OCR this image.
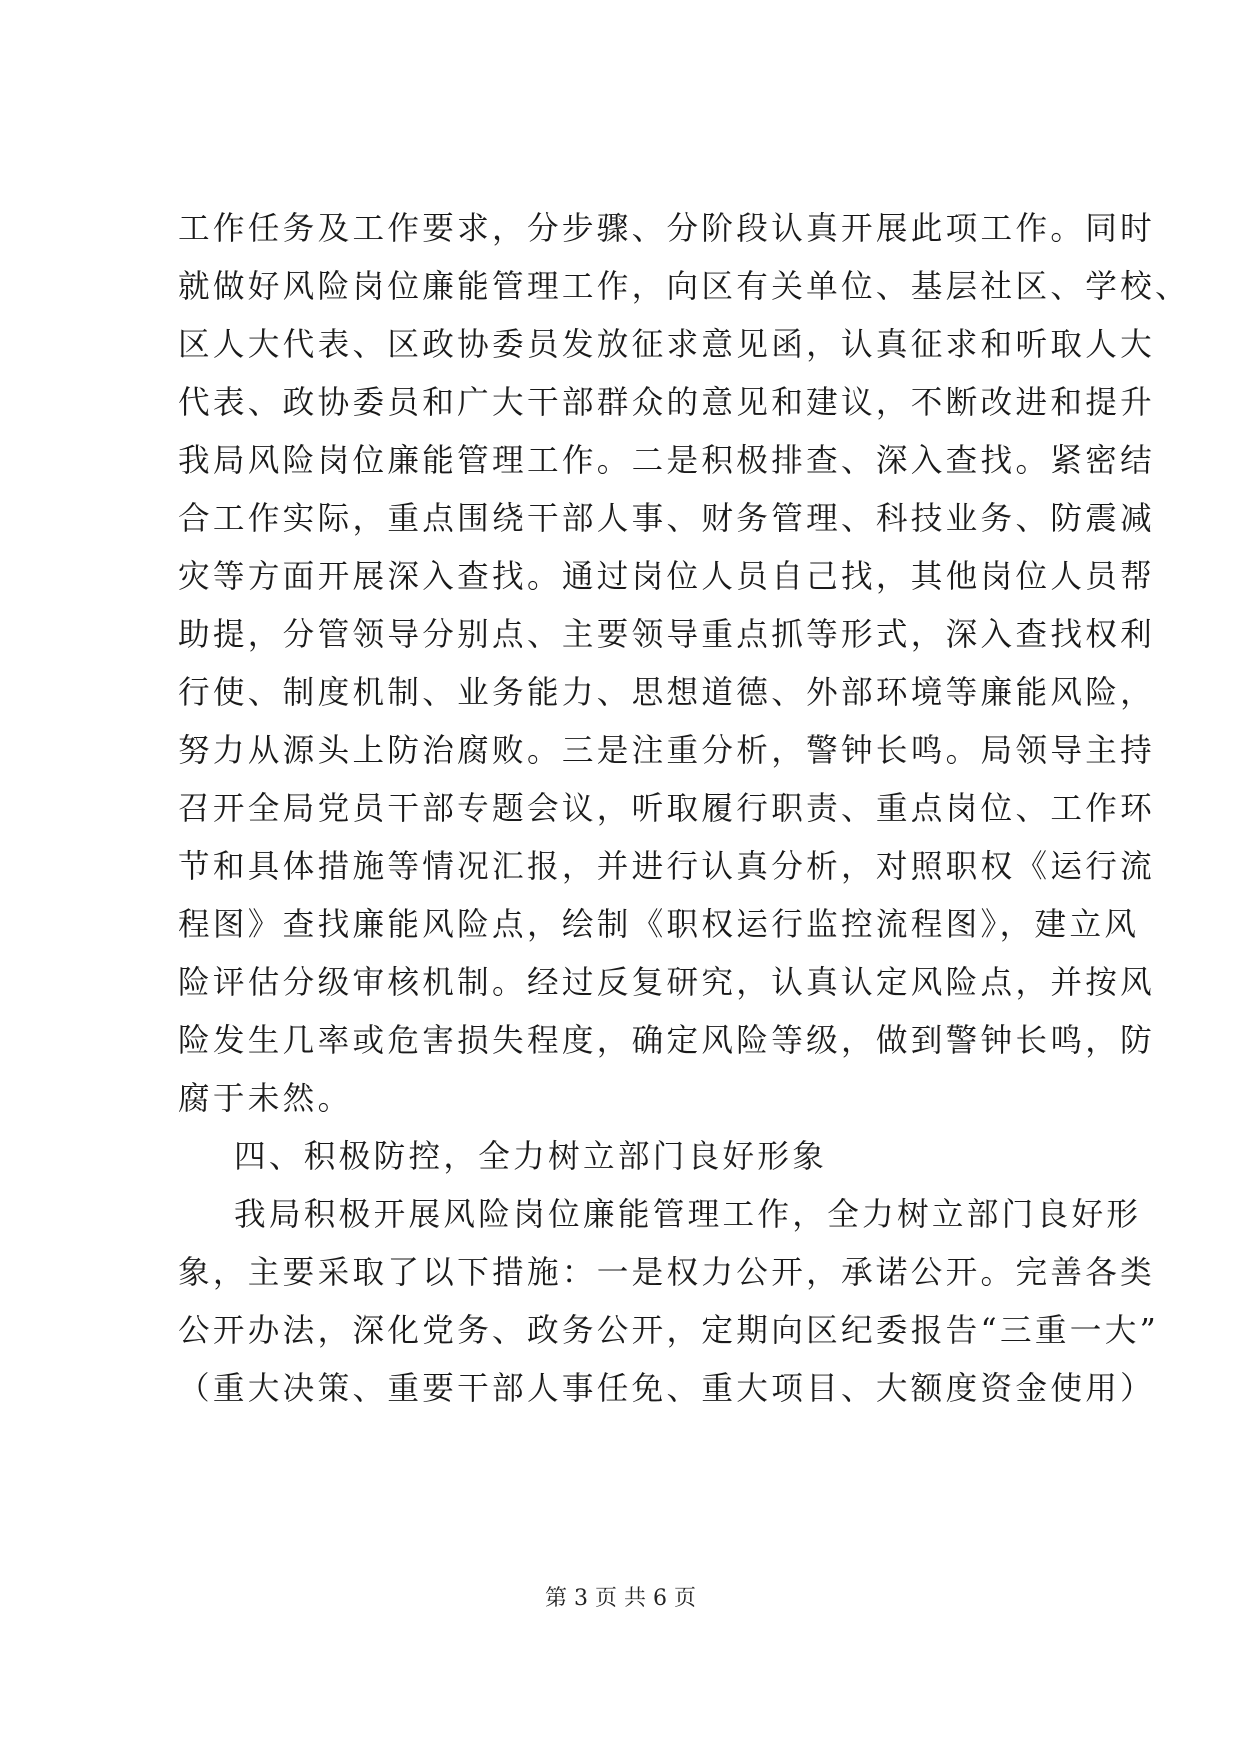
工作任务及工作要求，分步骤、分阶段认真开展此项工作。同时
就做好风险岗位廉能管理工作，向区有关单位、基层社区、学校、
区人大代表、区政协委员发放征求意见函，认真征求和听取人大
代表、政协委员和广大干部群众的意见和建议，不断改进和提升
我局风险岗位廉能管理工作。二是积极排查、深入查找。紧密结
合工作实际，重点围绕干部人事、财务管理、科技业务、防震减
灾等方面开展深入查找。通过岗位人员自己找，其他岗位人员帮
助提，分管领导分别点、主要领导重点抓等形式，深入查找权利
行使、制度机制、业务能力、思想道德、外部环境等廉能风险，
努力从源头上防治腐败。三是注重分析，警钟长鸣。局领导主持
召开全局党员干部专题会议，听取履行职责、重点岗位、工作环
节和具体措施等情况汇报，并进行认真分析，对照职权《运行流
程图》查找廉能风险点，绘制《职权运行监控流程图》，建立风
险评估分级审核机制。经过反复研究，认真认定风险点，并按风
险发生几率或危害损失程度，确定风险等级，做到警钟长鸣，防
腐于未然。
四、积极防控，全力树立部门良好形象
我局积极开展风险岗位廉能管理工作，全力树立部门良好形
象，主要采取了以下措施：一是权力公开，承诺公开。完善各类
公开办法，深化党务、政务公开，定期向区纪委报告“三重一大”
（重大决策、重要干部人事任免、重大项目、大额度资金使用）
第 3 页 共 6 页
